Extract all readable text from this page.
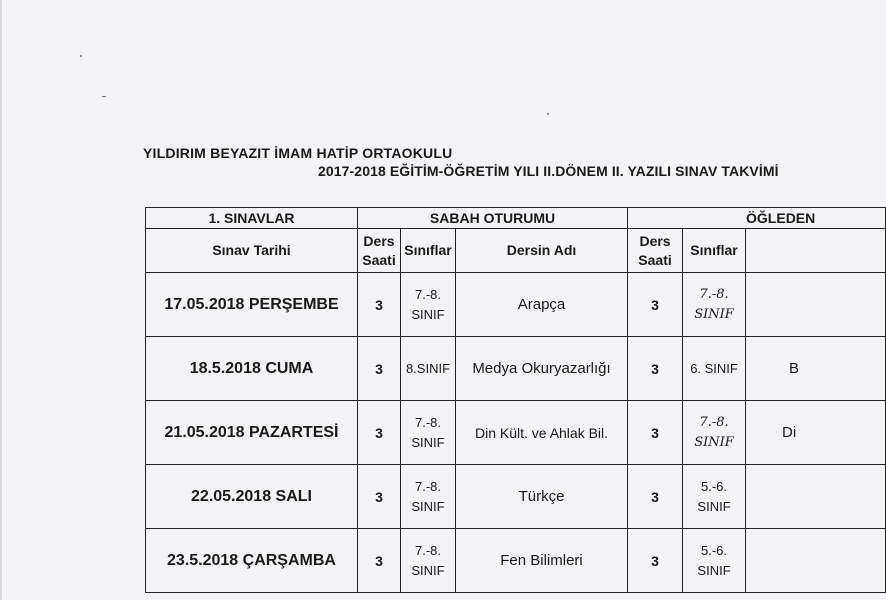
YILDIRIM BEYAZIT İMAM HATİP ORTAOKULU
2017-2018 EĞİTİM-ÖĞRETİM YILI II.DÖNEM II. YAZILI SINAV TAKVİMİ
1. SINAVLAR	SABAH OTURUMU			ÖĞLEDEN		
Sınav Tarihi	Ders Saati	Sınıflar	Dersin Adı	Ders Saati	Sınıflar	
17.05.2018 PERŞEMBE	3	7.-8. SINIF	Arapça	3	7.-8. SINIF	
18.5.2018 CUMA	3	8.SINIF	Medya Okuryazarlığı	3	6. SINIF	B
21.05.2018 PAZARTESİ	3	7.-8. SINIF	Din Kült. ve Ahlak Bil.	3	7.-8. SINIF	Di
22.05.2018 SALI	3	7.-8. SINIF	Türkçe	3	5.-6. SINIF	
23.5.2018 ÇARŞAMBA	3	7.-8. SINIF	Fen Bilimleri	3	5.-6. SINIF	
